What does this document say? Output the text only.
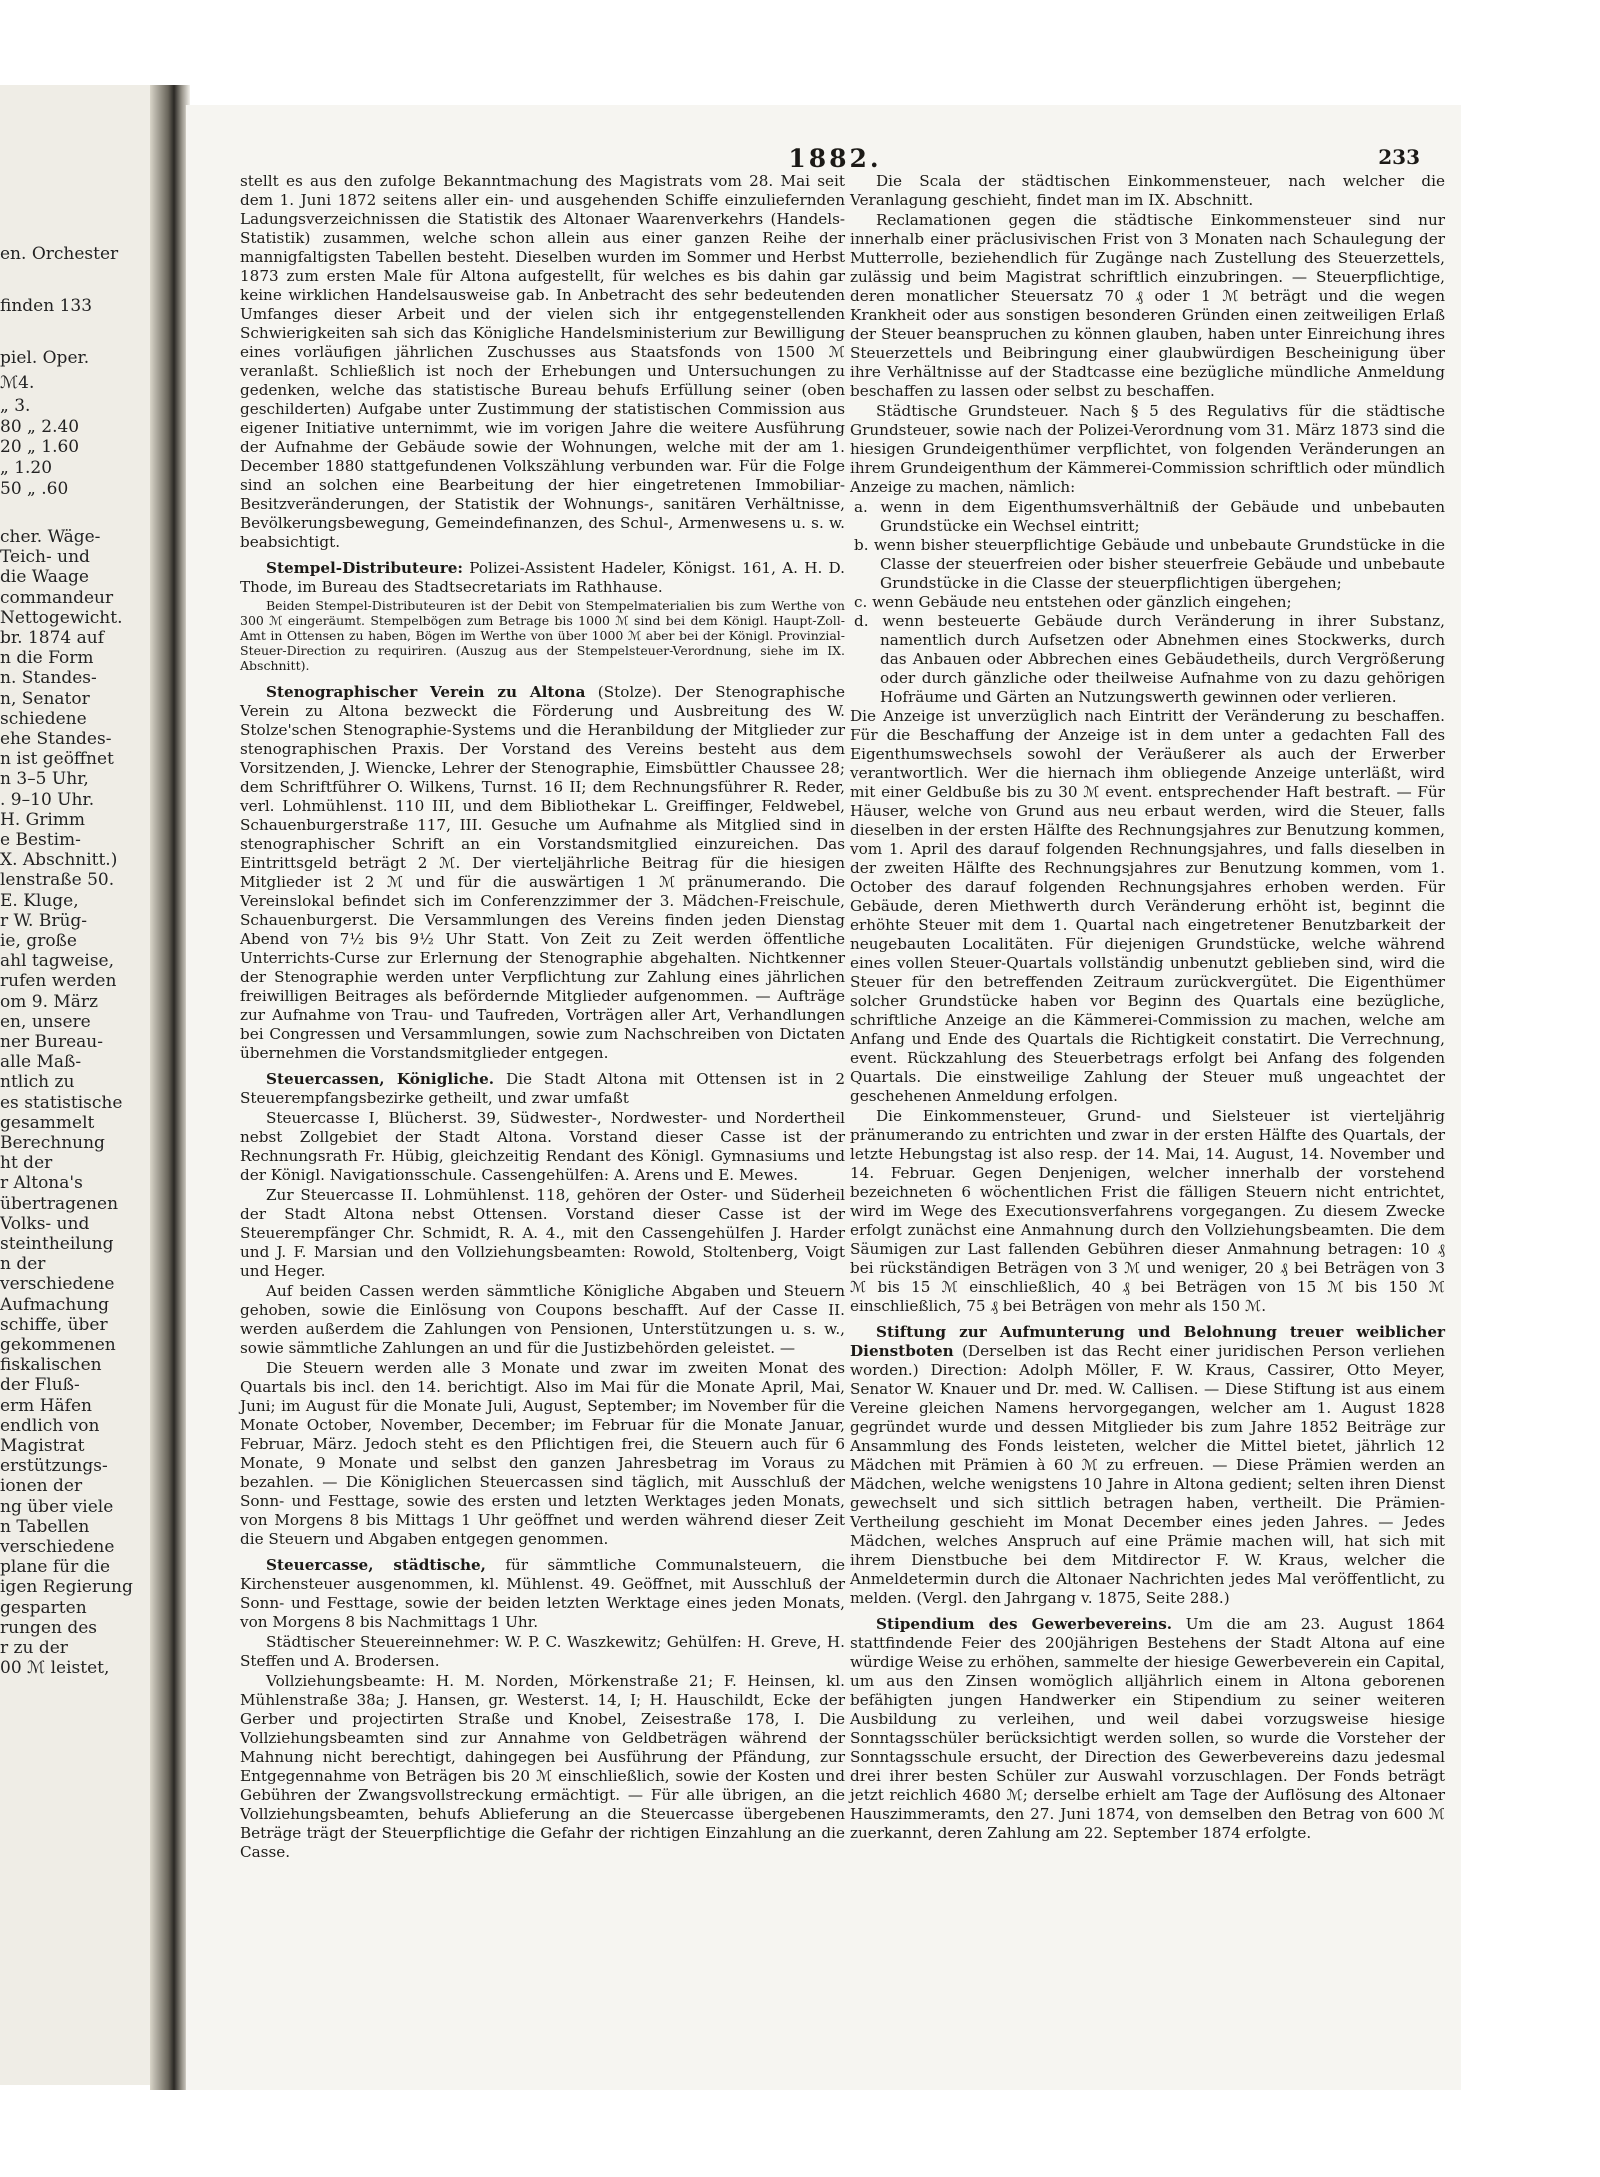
en. Orchester
finden 133
piel. Oper.
ℳ4.
„ 3.
80 „ 2.40
20 „ 1.60
„ 1.20
50 „ .60
cher. Wäge-
Teich- und
die Waage
commandeur
Nettogewicht.
br. 1874 auf
n die Form
n. Standes-
n, Senator
schiedene
ehe Standes-
n ist geöffnet
n 3–5 Uhr,
. 9–10 Uhr.
H. Grimm
e Bestim-
X. Abschnitt.)
lenstraße 50.
E. Kluge,
r W. Brüg-
ie, große
ahl tagweise,
rufen werden
om 9. März
en, unsere
ner Bureau-
alle Maß-
ntlich zu
es statistische
gesammelt
Berechnung
ht der
r Altona's
übertragenen
Volks- und
steintheilung
n der
verschiedene
Aufmachung
schiffe, über
gekommenen
fiskalischen
der Fluß-
erm Häfen
endlich von
Magistrat
erstützungs-
ionen der
ng über viele
n Tabellen
verschiedene
plane für die
igen Regierung
gesparten
rungen des
r zu der
00 ℳ leistet,
1882.	233

stellt es aus den zufolge Bekanntmachung des Magistrats vom 28. Mai seit dem 1. Juni 1872 seitens aller ein- und ausgehenden Schiffe einzuliefernden Ladungsverzeichnissen die Statistik des Altonaer Waarenverkehrs (Handels-Statistik) zusammen, welche schon allein aus einer ganzen Reihe der mannigfaltigsten Tabellen besteht. Dieselben wurden im Sommer und Herbst 1873 zum ersten Male für Altona aufgestellt, für welches es bis dahin gar keine wirklichen Handelsausweise gab. In Anbetracht des sehr bedeutenden Umfanges dieser Arbeit und der vielen sich ihr entgegenstellenden Schwierigkeiten sah sich das Königliche Handelsministerium zur Bewilligung eines vorläufigen jährlichen Zuschusses aus Staatsfonds von 1500 ℳ veranlaßt. Schließlich ist noch der Erhebungen und Untersuchungen zu gedenken, welche das statistische Bureau behufs Erfüllung seiner (oben geschilderten) Aufgabe unter Zustimmung der statistischen Commission aus eigener Initiative unternimmt, wie im vorigen Jahre die weitere Ausführung der Aufnahme der Gebäude sowie der Wohnungen, welche mit der am 1. December 1880 stattgefundenen Volkszählung verbunden war. Für die Folge sind an solchen eine Bearbeitung der hier eingetretenen Immobiliar-Besitzveränderungen, der Statistik der Wohnungs-, sanitären Verhältnisse, Bevölkerungsbewegung, Gemeindefinanzen, des Schul-, Armenwesens u. s. w. beabsichtigt.

Stempel-Distributeure: Polizei-Assistent Hadeler, Königst. 161, A. H. D. Thode, im Bureau des Stadtsecretariats im Rathhause.

Beiden Stempel-Distributeuren ist der Debit von Stempelmaterialien bis zum Werthe von 300 ℳ eingeräumt. Stempelbögen zum Betrage bis 1000 ℳ sind bei dem Königl. Haupt-Zoll-Amt in Ottensen zu haben, Bögen im Werthe von über 1000 ℳ aber bei der Königl. Provinzial-Steuer-Direction zu requiriren. (Auszug aus der Stempelsteuer-Verordnung, siehe im IX. Abschnitt).

Stenographischer Verein zu Altona (Stolze). Der Stenographische Verein zu Altona bezweckt die Förderung und Ausbreitung des W. Stolze'schen Stenographie-Systems und die Heranbildung der Mitglieder zur stenographischen Praxis. Der Vorstand des Vereins besteht aus dem Vorsitzenden, J. Wiencke, Lehrer der Stenographie, Eimsbüttler Chaussee 28; dem Schriftführer O. Wilkens, Turnst. 16 II; dem Rechnungsführer R. Reder, verl. Lohmühlenst. 110 III, und dem Bibliothekar L. Greiffinger, Feldwebel, Schauenburgerstraße 117, III. Gesuche um Aufnahme als Mitglied sind in stenographischer Schrift an ein Vorstandsmitglied einzureichen. Das Eintrittsgeld beträgt 2 ℳ. Der vierteljährliche Beitrag für die hiesigen Mitglieder ist 2 ℳ und für die auswärtigen 1 ℳ pränumerando. Die Vereinslokal befindet sich im Conferenzzimmer der 3. Mädchen-Freischule, Schauenburgerst. Die Versammlungen des Vereins finden jeden Dienstag Abend von 7½ bis 9½ Uhr Statt. Von Zeit zu Zeit werden öffentliche Unterrichts-Curse zur Erlernung der Stenographie abgehalten. Nichtkenner der Stenographie werden unter Verpflichtung zur Zahlung eines jährlichen freiwilligen Beitrages als befördernde Mitglieder aufgenommen. — Aufträge zur Aufnahme von Trau- und Taufreden, Vorträgen aller Art, Verhandlungen bei Congressen und Versammlungen, sowie zum Nachschreiben von Dictaten übernehmen die Vorstandsmitglieder entgegen.

Steuercassen, Königliche. Die Stadt Altona mit Ottensen ist in 2 Steuerempfangsbezirke getheilt, und zwar umfaßt

Steuercasse I, Blücherst. 39, Südwester-, Nordwester- und Nordertheil nebst Zollgebiet der Stadt Altona. Vorstand dieser Casse ist der Rechnungsrath Fr. Hübig, gleichzeitig Rendant des Königl. Gymnasiums und der Königl. Navigationsschule. Cassengehülfen: A. Arens und E. Mewes.

Zur Steuercasse II. Lohmühlenst. 118, gehören der Oster- und Süderheil der Stadt Altona nebst Ottensen. Vorstand dieser Casse ist der Steuerempfänger Chr. Schmidt, R. A. 4., mit den Cassengehülfen J. Harder und J. F. Marsian und den Vollziehungsbeamten: Rowold, Stoltenberg, Voigt und Heger.

Auf beiden Cassen werden sämmtliche Königliche Abgaben und Steuern gehoben, sowie die Einlösung von Coupons beschafft. Auf der Casse II. werden außerdem die Zahlungen von Pensionen, Unterstützungen u. s. w., sowie sämmtliche Zahlungen an und für die Justizbehörden geleistet. —

Die Steuern werden alle 3 Monate und zwar im zweiten Monat des Quartals bis incl. den 14. berichtigt. Also im Mai für die Monate April, Mai, Juni; im August für die Monate Juli, August, September; im November für die Monate October, November, December; im Februar für die Monate Januar, Februar, März. Jedoch steht es den Pflichtigen frei, die Steuern auch für 6 Monate, 9 Monate und selbst den ganzen Jahresbetrag im Voraus zu bezahlen. — Die Königlichen Steuercassen sind täglich, mit Ausschluß der Sonn- und Festtage, sowie des ersten und letzten Werktages jeden Monats, von Morgens 8 bis Mittags 1 Uhr geöffnet und werden während dieser Zeit die Steuern und Abgaben entgegen genommen.

Steuercasse, städtische, für sämmtliche Communalsteuern, die Kirchensteuer ausgenommen, kl. Mühlenst. 49. Geöffnet, mit Ausschluß der Sonn- und Festtage, sowie der beiden letzten Werktage eines jeden Monats, von Morgens 8 bis Nachmittags 1 Uhr.

Städtischer Steuereinnehmer: W. P. C. Waszkewitz; Gehülfen: H. Greve, H. Steffen und A. Brodersen.

Vollziehungsbeamte: H. M. Norden, Mörkenstraße 21; F. Heinsen, kl. Mühlenstraße 38a; J. Hansen, gr. Westerst. 14, I; H. Hauschildt, Ecke der Gerber und projectirten Straße und Knobel, Zeisestraße 178, I. Die Vollziehungsbeamten sind zur Annahme von Geldbeträgen während der Mahnung nicht berechtigt, dahingegen bei Ausführung der Pfändung, zur Entgegennahme von Beträgen bis 20 ℳ einschließlich, sowie der Kosten und Gebühren der Zwangsvollstreckung ermächtigt. — Für alle übrigen, an die Vollziehungsbeamten, behufs Ablieferung an die Steuercasse übergebenen Beträge trägt der Steuerpflichtige die Gefahr der richtigen Einzahlung an die Casse.

Die Scala der städtischen Einkommensteuer, nach welcher die Veranlagung geschieht, findet man im IX. Abschnitt.

Reclamationen gegen die städtische Einkommensteuer sind nur innerhalb einer präclusivischen Frist von 3 Monaten nach Schaulegung der Mutterrolle, beziehendlich für Zugänge nach Zustellung des Steuerzettels, zulässig und beim Magistrat schriftlich einzubringen. — Steuerpflichtige, deren monatlicher Steuersatz 70 ₰ oder 1 ℳ beträgt und die wegen Krankheit oder aus sonstigen besonderen Gründen einen zeitweiligen Erlaß der Steuer beanspruchen zu können glauben, haben unter Einreichung ihres Steuerzettels und Beibringung einer glaubwürdigen Bescheinigung über ihre Verhältnisse auf der Stadtcasse eine bezügliche mündliche Anmeldung beschaffen zu lassen oder selbst zu beschaffen.

Städtische Grundsteuer. Nach § 5 des Regulativs für die städtische Grundsteuer, sowie nach der Polizei-Verordnung vom 31. März 1873 sind die hiesigen Grundeigenthümer verpflichtet, von folgenden Veränderungen an ihrem Grundeigenthum der Kämmerei-Commission schriftlich oder mündlich Anzeige zu machen, nämlich:

a. wenn in dem Eigenthumsverhältniß der Gebäude und unbebauten Grundstücke ein Wechsel eintritt;
b. wenn bisher steuerpflichtige Gebäude und unbebaute Grundstücke in die Classe der steuerfreien oder bisher steuerfreie Gebäude und unbebaute Grundstücke in die Classe der steuerpflichtigen übergehen;
c. wenn Gebäude neu entstehen oder gänzlich eingehen;
d. wenn besteuerte Gebäude durch Veränderung in ihrer Substanz, namentlich durch Aufsetzen oder Abnehmen eines Stockwerks, durch das Anbauen oder Abbrechen eines Gebäudetheils, durch Vergrößerung oder durch gänzliche oder theilweise Aufnahme von zu dazu gehörigen Hofräume und Gärten an Nutzungswerth gewinnen oder verlieren.

Die Anzeige ist unverzüglich nach Eintritt der Veränderung zu beschaffen. Für die Beschaffung der Anzeige ist in dem unter a gedachten Fall des Eigenthumswechsels sowohl der Veräußerer als auch der Erwerber verantwortlich. Wer die hiernach ihm obliegende Anzeige unterläßt, wird mit einer Geldbuße bis zu 30 ℳ event. entsprechender Haft bestraft. — Für Häuser, welche von Grund aus neu erbaut werden, wird die Steuer, falls dieselben in der ersten Hälfte des Rechnungsjahres zur Benutzung kommen, vom 1. April des darauf folgenden Rechnungsjahres, und falls dieselben in der zweiten Hälfte des Rechnungsjahres zur Benutzung kommen, vom 1. October des darauf folgenden Rechnungsjahres erhoben werden. Für Gebäude, deren Miethwerth durch Veränderung erhöht ist, beginnt die erhöhte Steuer mit dem 1. Quartal nach eingetretener Benutzbarkeit der neugebauten Localitäten. Für diejenigen Grundstücke, welche während eines vollen Steuer-Quartals vollständig unbenutzt geblieben sind, wird die Steuer für den betreffenden Zeitraum zurückvergütet. Die Eigenthümer solcher Grundstücke haben vor Beginn des Quartals eine bezügliche, schriftliche Anzeige an die Kämmerei-Commission zu machen, welche am Anfang und Ende des Quartals die Richtigkeit constatirt. Die Verrechnung, event. Rückzahlung des Steuerbetrags erfolgt bei Anfang des folgenden Quartals. Die einstweilige Zahlung der Steuer muß ungeachtet der geschehenen Anmeldung erfolgen.

Die Einkommensteuer, Grund- und Sielsteuer ist vierteljährig pränumerando zu entrichten und zwar in der ersten Hälfte des Quartals, der letzte Hebungstag ist also resp. der 14. Mai, 14. August, 14. November und 14. Februar. Gegen Denjenigen, welcher innerhalb der vorstehend bezeichneten 6 wöchentlichen Frist die fälligen Steuern nicht entrichtet, wird im Wege des Executionsverfahrens vorgegangen. Zu diesem Zwecke erfolgt zunächst eine Anmahnung durch den Vollziehungsbeamten. Die dem Säumigen zur Last fallenden Gebühren dieser Anmahnung betragen: 10 ₰ bei rückständigen Beträgen von 3 ℳ und weniger, 20 ₰ bei Beträgen von 3 ℳ bis 15 ℳ einschließlich, 40 ₰ bei Beträgen von 15 ℳ bis 150 ℳ einschließlich, 75 ₰ bei Beträgen von mehr als 150 ℳ.

Stiftung zur Aufmunterung und Belohnung treuer weiblicher Dienstboten (Derselben ist das Recht einer juridischen Person verliehen worden.) Direction: Adolph Möller, F. W. Kraus, Cassirer, Otto Meyer, Senator W. Knauer und Dr. med. W. Callisen. — Diese Stiftung ist aus einem Vereine gleichen Namens hervorgegangen, welcher am 1. August 1828 gegründet wurde und dessen Mitglieder bis zum Jahre 1852 Beiträge zur Ansammlung des Fonds leisteten, welcher die Mittel bietet, jährlich 12 Mädchen mit Prämien à 60 ℳ zu erfreuen. — Diese Prämien werden an Mädchen, welche wenigstens 10 Jahre in Altona gedient; selten ihren Dienst gewechselt und sich sittlich betragen haben, vertheilt. Die Prämien-Vertheilung geschieht im Monat December eines jeden Jahres. — Jedes Mädchen, welches Anspruch auf eine Prämie machen will, hat sich mit ihrem Dienstbuche bei dem Mitdirector F. W. Kraus, welcher die Anmeldetermin durch die Altonaer Nachrichten jedes Mal veröffentlicht, zu melden. (Vergl. den Jahrgang v. 1875, Seite 288.)

Stipendium des Gewerbevereins. Um die am 23. August 1864 stattfindende Feier des 200jährigen Bestehens der Stadt Altona auf eine würdige Weise zu erhöhen, sammelte der hiesige Gewerbeverein ein Capital, um aus den Zinsen womöglich alljährlich einem in Altona geborenen befähigten jungen Handwerker ein Stipendium zu seiner weiteren Ausbildung zu verleihen, und weil dabei vorzugsweise hiesige Sonntagsschüler berücksichtigt werden sollen, so wurde die Vorsteher der Sonntagsschule ersucht, der Direction des Gewerbevereins dazu jedesmal drei ihrer besten Schüler zur Auswahl vorzuschlagen. Der Fonds beträgt jetzt reichlich 4680 ℳ; derselbe erhielt am Tage der Auflösung des Altonaer Hauszimmeramts, den 27. Juni 1874, von demselben den Betrag von 600 ℳ zuerkannt, deren Zahlung am 22. September 1874 erfolgte.
